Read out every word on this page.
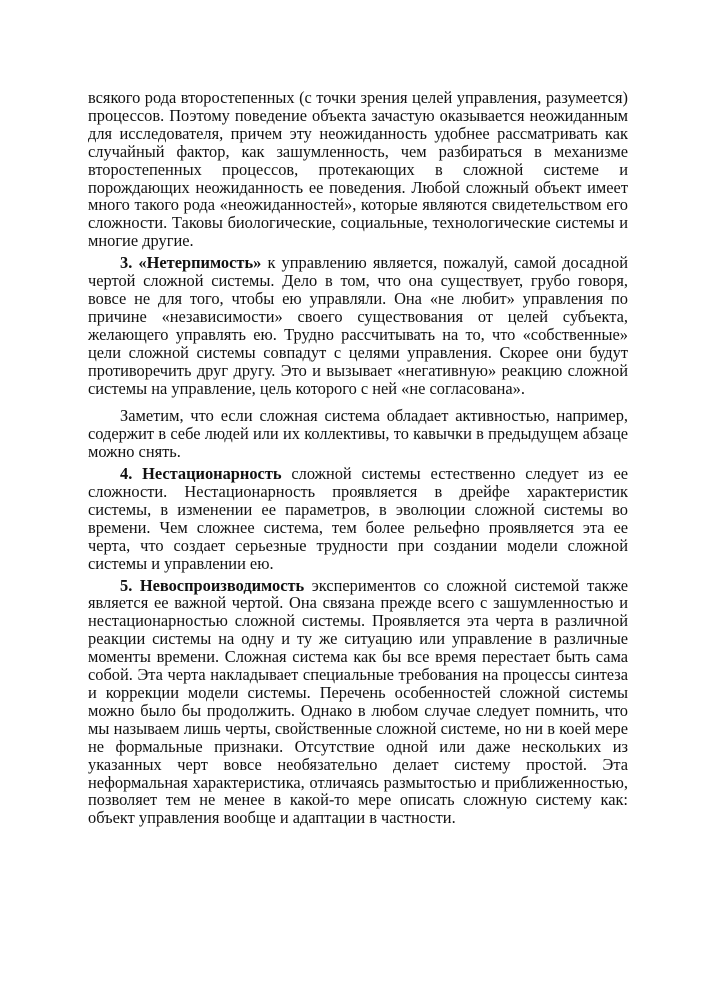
всякого рода второстепенных (с точки зрения целей управления, разумеется) процессов. Поэтому поведение объекта зачастую оказывается неожиданным для исследователя, причем эту неожиданность удобнее рассматривать как случайный фактор, как зашумленность, чем разбираться в механизме второстепенных процессов, протекающих в сложной системе и порождающих неожиданность ее поведения. Любой сложный объект имеет много такого рода «неожиданностей», которые являются свидетельством его сложности. Таковы биологические, социальные, технологические системы и многие другие.

3. «Нетерпимость» к управлению является, пожалуй, самой досадной чертой сложной системы. Дело в том, что она существует, грубо говоря, вовсе не для того, чтобы ею управляли. Она «не любит» управления по причине «независимости» своего существования от целей субъекта, желающего управлять ею. Трудно рассчитывать на то, что «собственные» цели сложной системы совпадут с целями управления. Скорее они будут противоречить друг другу. Это и вызывает «негативную» реакцию сложной системы на управление, цель которого с ней «не согласована».

Заметим, что если сложная система обладает активностью, например, содержит в себе людей или их коллективы, то кавычки в предыдущем абзаце можно снять.

4. Нестационарность сложной системы естественно следует из ее сложности. Нестационарность проявляется в дрейфе характеристик системы, в изменении ее параметров, в эволюции сложной системы во времени. Чем сложнее система, тем более рельефно проявляется эта ее черта, что создает серьезные трудности при создании модели сложной системы и управлении ею.

5. Невоспроизводимость экспериментов со сложной системой также является ее важной чертой. Она связана прежде всего с зашумленностью и нестационарностью сложной системы. Проявляется эта черта в различной реакции системы на одну и ту же ситуацию или управление в различные моменты времени. Сложная система как бы все время перестает быть сама собой. Эта черта накладывает специальные требования на процессы синтеза и коррекции модели системы. Перечень особенностей сложной системы можно было бы продолжить. Однако в любом случае следует помнить, что мы называем лишь черты, свойственные сложной системе, но ни в коей мере не формальные признаки. Отсутствие одной или даже нескольких из указанных черт вовсе необязательно делает систему простой. Эта неформальная характеристика, отличаясь размытостью и приближенностью, позволяет тем не менее в какой-то мере описать сложную систему как: объект управления вообще и адаптации в частности.
